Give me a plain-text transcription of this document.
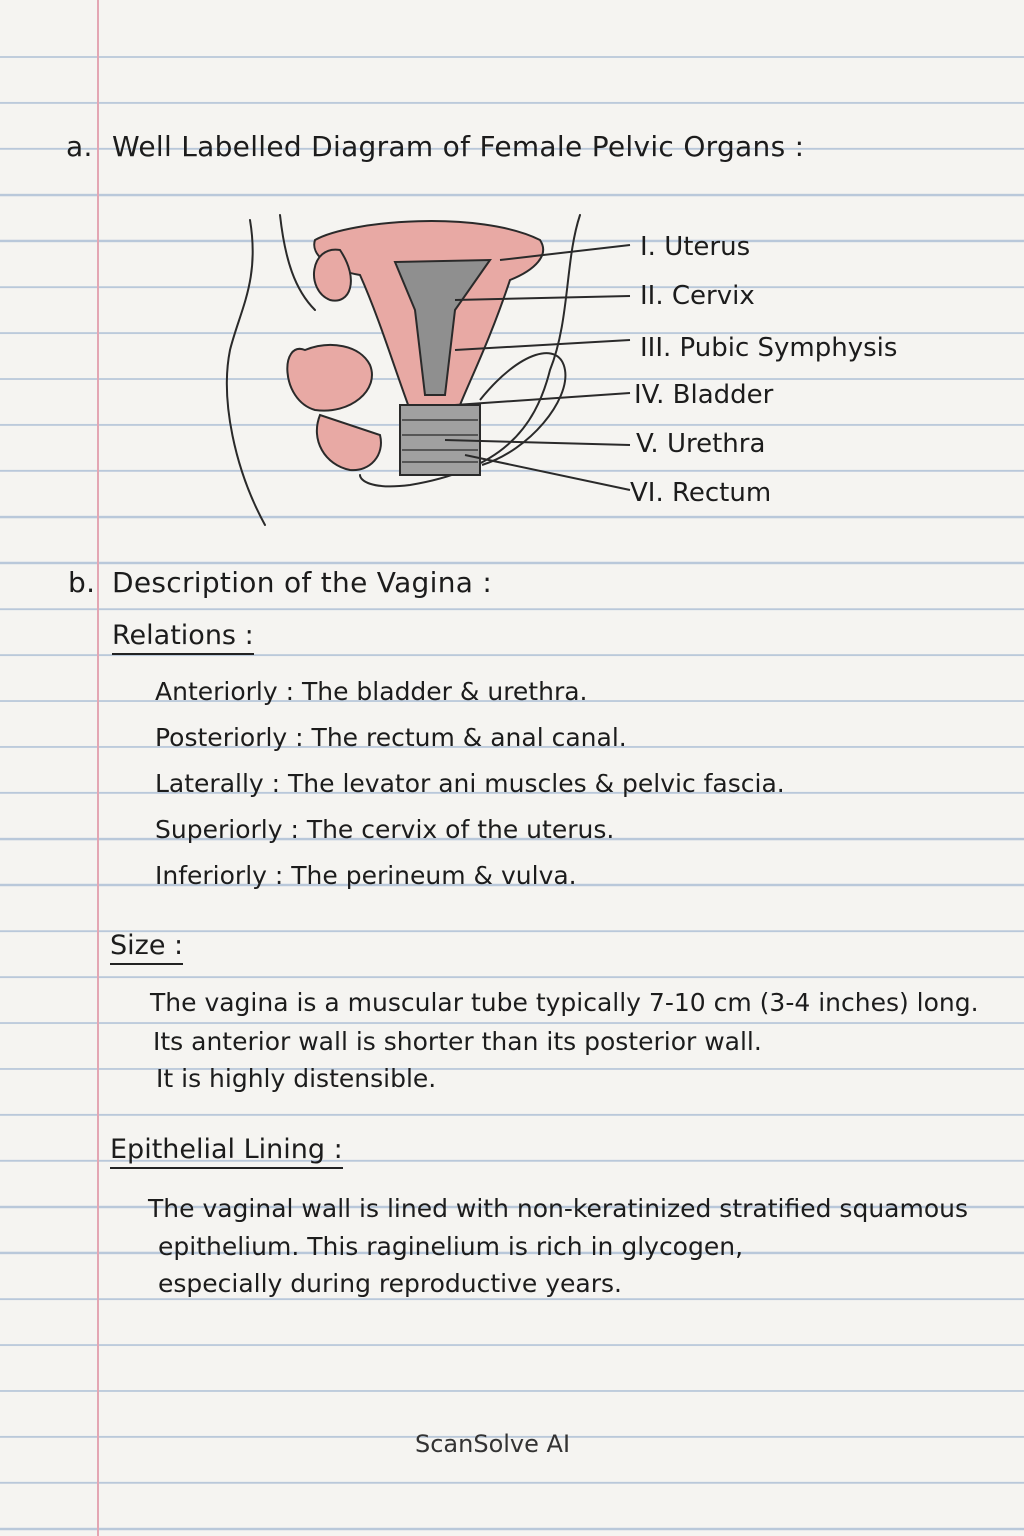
a. Well Labelled Diagram of Female Pelvic Organs :
I. Uterus
II. Cervix
III. Pubic Symphysis
IV. Bladder
V. Urethra
VI. Rectum
b. Description of the Vagina :
Relations :
Anteriorly : The bladder & urethra.
Posteriorly : The rectum & anal canal.
Laterally : The levator ani muscles & pelvic fascia.
Superiorly : The cervix of the uterus.
Inferiorly : The perineum & vulva.
Size :
The vagina is a muscular tube typically 7-10 cm (3-4 inches) long.
Its anterior wall is shorter than its posterior wall.
It is highly distensible.
Epithelial Lining :
The vaginal wall is lined with non-keratinized stratified squamous
epithelium. This raginelium is rich in glycogen,
especially during reproductive years.
ScanSolve AI
